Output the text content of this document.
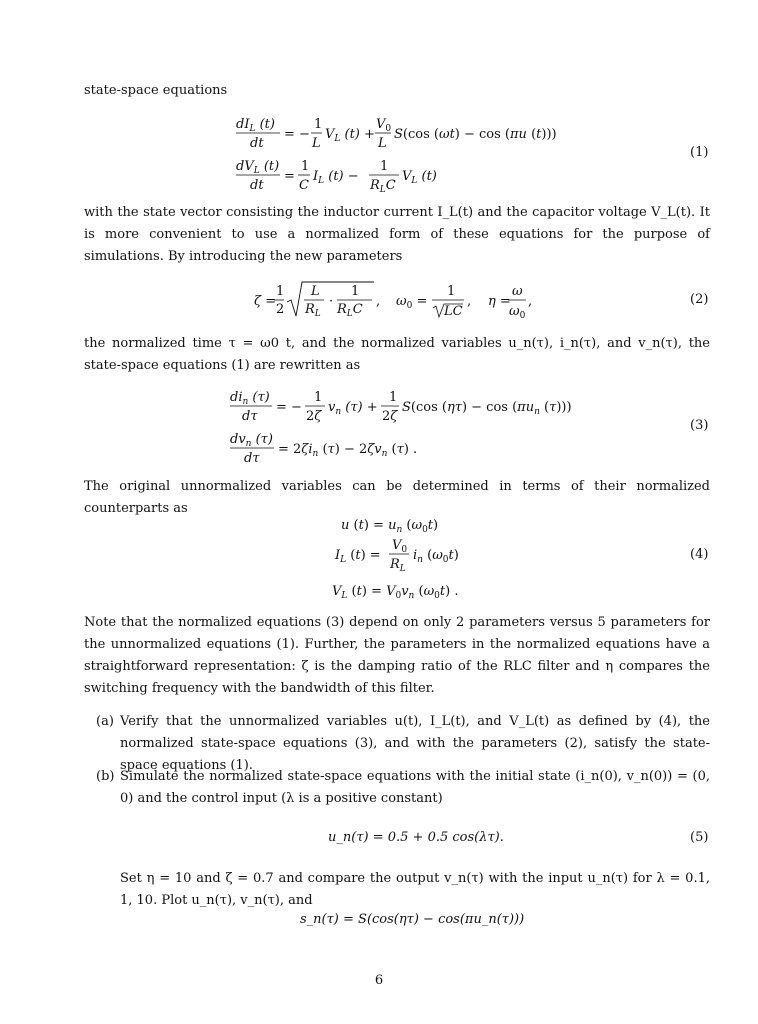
state-space equations

$dI_L$ (t)
dt
= −
1
L
$V_L$ (t) +
$V_0$
L
S(cos (ωt) − cos (πu (t)))
$dV_L$ (t)
dt
=
1
C
$I_L$ (t) −
1
$R_LC$
$V_L$ (t)
(1)

with the state vector consisting the inductor current I_L(t) and the capacitor voltage V_L(t). It is more convenient to use a normalized form of these equations for the purpose of simulations. By introducing the new parameters

ζ =
1
2
L
$R_L$
·
1
$R_LC$
, $\omega_0$ =
1
LC
, η =
ω
$\omega_0$
,	(2)

the normalized time τ = ω0 t, and the normalized variables u_n(τ), i_n(τ), and v_n(τ), the state-space equations (1) are rewritten as

$di_n$ (τ)
dτ
= −
1
2ζ
$v_n$ (τ) +
1
2ζ
S(cos $(\eta\tau) - \cos (\pi u_n$ (τ)))
$dv_n$ (τ)
dτ
= $2\zeta i_n$ $(\tau) - 2\zeta v_n$ (τ) .
(3)

The original unnormalized variables can be determined in terms of their normalized counterparts as

u $(t) = u_n$ $(\omega_0t)$
$I_L$ (t) =
$V_0$
$R_L$
$i_n$ $(\omega_0t)$
$V_L$ $(t) = V_0v_n$ $(\omega_0t)$ .
(4)

Note that the normalized equations (3) depend on only 2 parameters versus 5 parameters for the unnormalized equations (1). Further, the parameters in the normalized equations have a straightforward representation: ζ is the damping ratio of the RLC filter and η compares the switching frequency with the bandwidth of this filter.

(a) Verify that the unnormalized variables u(t), I_L(t), and V_L(t) as defined by (4), the normalized state-space equations (3), and with the parameters (2), satisfy the state-space equations (1).
(b) Simulate the normalized state-space equations with the initial state (i_n(0), v_n(0)) = (0, 0) and the control input (λ is a positive constant)
u_n(τ) = 0.5 + 0.5 cos(λτ).	(5)

Set η = 10 and ζ = 0.7 and compare the output v_n(τ) with the input u_n(τ) for λ = 0.1, 1, 10. Plot u_n(τ), v_n(τ), and

s_n(τ) = S(cos(ητ) − cos(πu_n(τ)))
6
